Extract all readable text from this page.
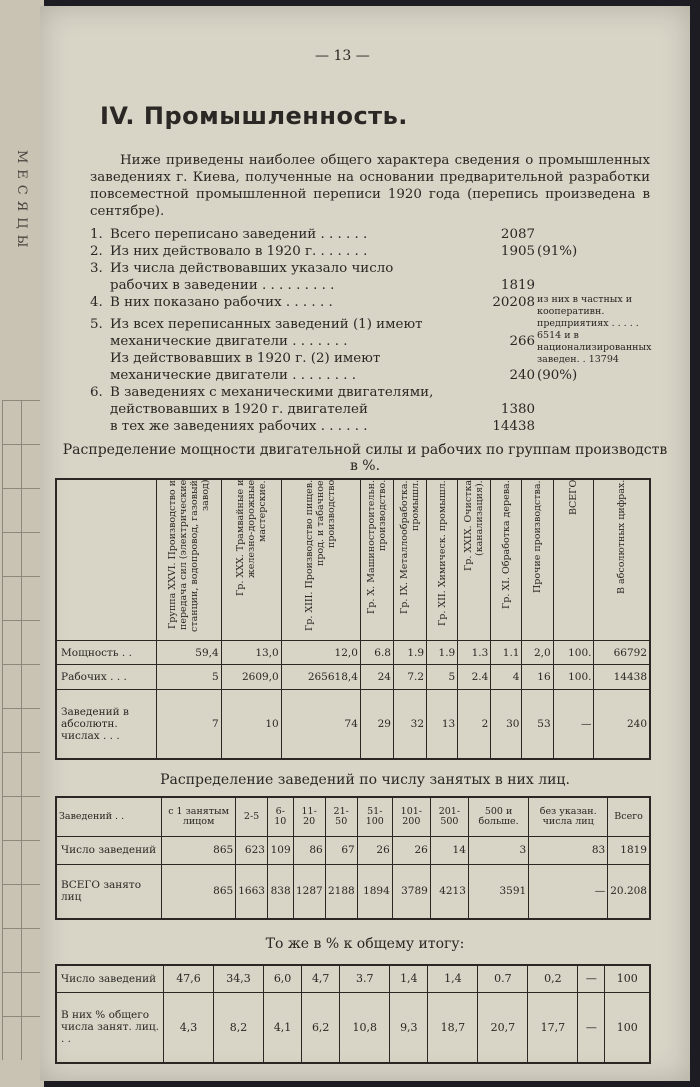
МЕСЯЦЫ
— 13 —
IV. Промышленность.
Ниже приведены наиболее общего характера сведения о промышленных заведениях г. Киева, полученные на основании предварительной разработки повсеместной промышленной переписи 1920 года (перепись произведена в сентябре).
1. Всего переписано заведений . . . . . .	2087
2. Из них действовало в 1920 г. . . . . . .	1905 (91%)
3. Из числа действовавших указало число рабочих в заведении . . . . . . . . .	1819
4. В них показано рабочих . . . . . .	20208 из них в частных и кооперативн. предприятиях . . . . . 6514 и в национализированных заведен. . 13794
5. Из всех переписанных заведений (1) имеют механические двигатели . . . . . . .	266
Из действовавших в 1920 г. (2) имеют механические двигатели . . . . . . . .	240 (90%)
6. В заведениях с механическими двигателями, действовавших в 1920 г. двигателей	1380
в тех же заведениях рабочих . . . . . .	14438
Распределение мощности двигательной силы и рабочих по группам производств в %.

	Группа XXVI. Производство и передача сил (электрические станции, водопровод, газовый завод)	Гр. XXX. Трамвайные и железно-дорожные мастерские.	Гр. XIII. Производство пищев. прод. и табачное производство	Гр. X. Машиностроительн. производство.	Гр. IX. Металлообработка. промышл.	Гр. XII. Химическ. промышл.	Гр. XXIX. Очистка (канализация).	Гр. XI. Обработка дерева.	Прочие производства.	ВСЕГО	В абсолютных цифрах.

Мощность . .	59,4	13,0	12,0	6.8	1.9	1.9	1.3	1.1	2,0	100.	66792
Рабочих . . .	5	2609,0	265618,4	24	7.2	5	2.4	4	16	100.	14438
Заведений в абсолютн. числах . . .	7	10	74	29	32	13	2	30	53	—	240
Распределение заведений по числу занятых в них лиц.
Заведений . .	с 1 занятым лицом	2-5	6-10	11-20	21-50	51-100	101-200	201-500	500 и больше.	без указан. числа лиц	Всего
Число заведений	865	623	109	86	67	26	26	14	3	83	1819
ВСЕГО занято лиц	865	1663	838	1287	2188	1894	3789	4213	3591	—	20.208
То же в % к общему итогу:
Число заведений	47,6	34,3	6,0	4,7	3.7	1,4	1,4	0.7	0,2	—	100
В них % общего числа занят. лиц. . .	4,3	8,2	4,1	6,2	10,8	9,3	18,7	20,7	17,7	—	100
